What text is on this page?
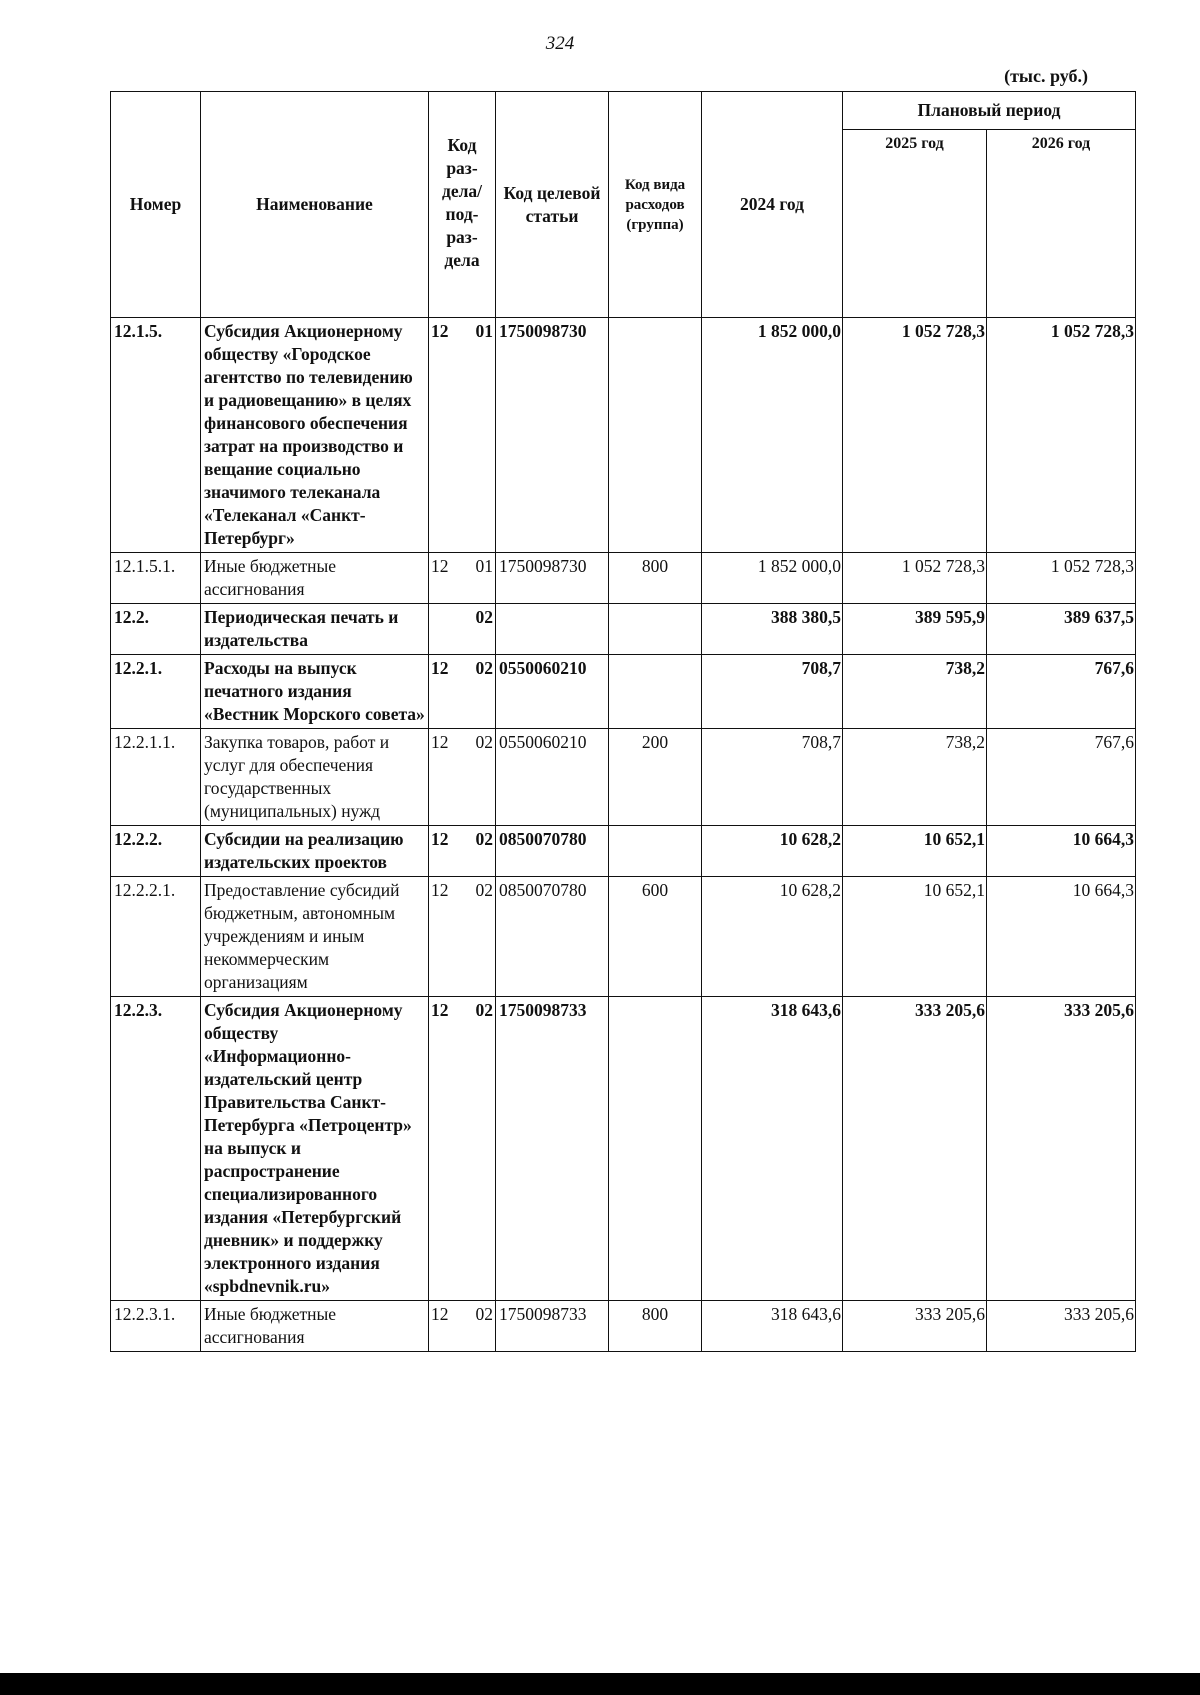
324
(тыс. руб.)
Номер	Наименование	Код раз- дела/ под- раз- дела	Код целевой статьи	Код вида расходов (группа)	2024 год	Плановый период	
						2025 год	2026 год
12.1.5.	Субсидия Акционерному обществу «Городское агентство по телевидению и радиовещанию» в целях финансового обеспечения затрат на производство и вещание социально значимого телеканала «Телеканал «Санкт-Петербург»	12 01	1750098730		1 852 000,0	1 052 728,3	1 052 728,3
12.1.5.1.	Иные бюджетные ассигнования	12 01	1750098730	800	1 852 000,0	1 052 728,3	1 052 728,3
12.2.	Периодическая печать и издательства	02			388 380,5	389 595,9	389 637,5
12.2.1.	Расходы на выпуск печатного издания «Вестник Морского совета»	12 02	0550060210		708,7	738,2	767,6
12.2.1.1.	Закупка товаров, работ и услуг для обеспечения государственных (муниципальных) нужд	12 02	0550060210	200	708,7	738,2	767,6
12.2.2.	Субсидии на реализацию издательских проектов	12 02	0850070780		10 628,2	10 652,1	10 664,3
12.2.2.1.	Предоставление субсидий бюджетным, автономным учреждениям и иным некоммерческим организациям	12 02	0850070780	600	10 628,2	10 652,1	10 664,3
12.2.3.	Субсидия Акционерному обществу «Информационно-издательский центр Правительства Санкт-Петербурга «Петроцентр» на выпуск и распространение специализированного издания «Петербургский дневник» и поддержку электронного издания «spbdnevnik.ru»	12 02	1750098733		318 643,6	333 205,6	333 205,6
12.2.3.1.	Иные бюджетные ассигнования	12 02	1750098733	800	318 643,6	333 205,6	333 205,6
